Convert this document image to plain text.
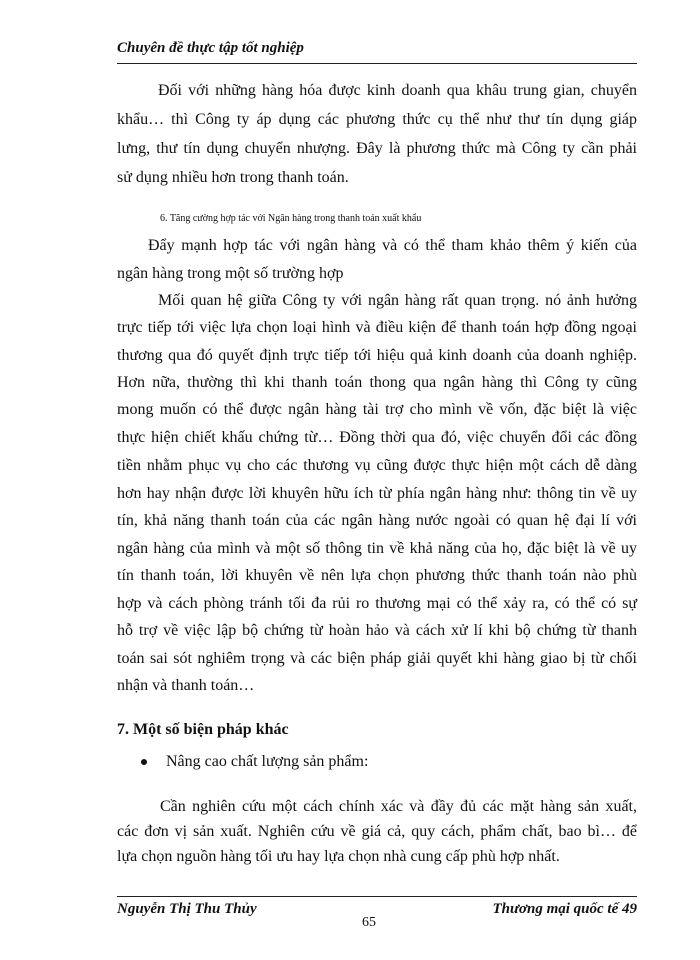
Chuyên đề thực tập tốt nghiệp
Đối với những hàng hóa được kinh doanh qua khâu trung gian, chuyển
khẩu… thì Công ty áp dụng các phương thức cụ thể như thư tín dụng giáp
lưng, thư tín dụng chuyển nhượng. Đây là phương thức mà Công ty cần phải
sử dụng nhiều hơn trong thanh toán.
6. Tăng cường hợp tác với Ngân hàng trong thanh toán xuất khẩu
Đẩy mạnh hợp tác với ngân hàng và có thể tham khảo thêm ý kiến của
ngân hàng trong một số trường hợp
Mối quan hệ giữa Công ty với ngân hàng rất quan trọng. nó ảnh hưởng
trực tiếp tới việc lựa chọn loại hình và điều kiện để thanh toán hợp đồng ngoại
thương qua đó quyết định trực tiếp tới hiệu quả kinh doanh của doanh nghiệp.
Hơn nữa, thường thì khi thanh toán thong qua ngân hàng thì Công ty cũng
mong muốn có thể được ngân hàng tài trợ cho mình về vốn, đặc biệt là việc
thực hiện chiết khấu chứng từ… Đồng thời qua đó, việc chuyển đổi các đồng
tiền nhằm phục vụ cho các thương vụ cũng được thực hiện một cách dễ dàng
hơn hay nhận được lời khuyên hữu ích từ phía ngân hàng như: thông tin về uy
tín, khả năng thanh toán của các ngân hàng nước ngoài có quan hệ đại lí với
ngân hàng của mình và một số thông tin về khả năng của họ, đặc biệt là về uy
tín thanh toán, lời khuyên về nên lựa chọn phương thức thanh toán nào phù
hợp và cách phòng tránh tối đa rủi ro thương mại có thể xảy ra, có thể có sự
hỗ trợ về việc lập bộ chứng từ hoàn hảo và cách xử lí khi bộ chứng từ thanh
toán sai sót nghiêm trọng và các biện pháp giải quyết khi hàng giao bị từ chối
nhận và thanh toán…
7. Một số biện pháp khác
Nâng cao chất lượng sản phẩm:
Cần nghiên cứu một cách chính xác và đầy đủ các mặt hàng sản xuất,
các đơn vị sản xuất. Nghiên cứu về giá cả, quy cách, phẩm chất, bao bì… để
lựa chọn nguồn hàng tối ưu hay lựa chọn nhà cung cấp phù hợp nhất.
Nguyễn Thị Thu Thủy
65
Thương mại quốc tế 49
